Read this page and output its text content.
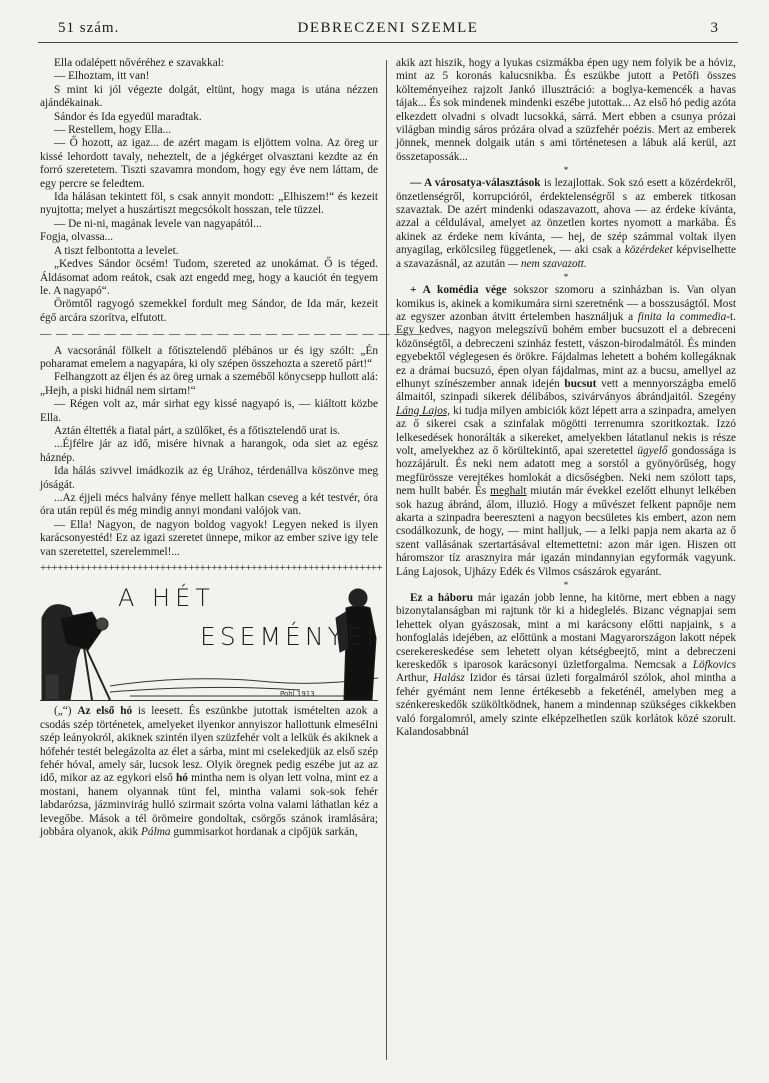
51 szám.	DEBRECZENI SZEMLE	3

Ella odalépett nővéréhez e szavakkal:

— Elhoztam, itt van!

S mint ki jól végezte dolgát, eltünt, hogy maga is utána nézzen ajándékainak.

Sándor és Ida egyedül maradtak.

— Restellem, hogy Ella...

— Ő hozott, az igaz... de azért magam is eljöttem volna. Az öreg ur kissé lehordott tavaly, neheztelt, de a jégkérget olvasztani kezdte az én forró szeretetem. Tiszti szavamra mondom, hogy egy éve nem láttam, de egy percre se feledtem.

Ida hálásan tekintett föl, s csak annyit mondott: „Elhiszem!“ és kezeit nyujtotta; melyet a huszártiszt megcsókolt hosszan, tele tüzzel.

— De ni-ni, magának levele van nagyapától...

Fogja, olvassa...

A tiszt felbontotta a levelet.

„Kedves Sándor öcsém! Tudom, szereted az unokámat. Ő is téged. Áldásomat adom reátok, csak azt engedd meg, hogy a kauciót én tegyem le. A nagyapó“.

Örömtől ragyogó szemekkel fordult meg Sándor, de Ida már, kezeit égő arcára szorítva, elfutott.

— — — — — — — — — — — — — — — — — — — — — — — —

A vacsoránál fölkelt a főtisztelendő plébános ur és igy szólt: „Én poharamat emelem a nagyapára, ki oly szépen összehozta a szerető párt!“

Felhangzott az éljen és az öreg urnak a szeméből könycsepp hullott alá: „Hejh, a piski hidnál nem sirtam!“

— Régen volt az, már sirhat egy kissé nagyapó is, — kiáltott közbe Ella.

Aztán éltették a fiatal párt, a szülőket, és a főtisztelendő urat is.

...Éjfélre jár az idő, misére hivnak a harangok, oda siet az egész háznép.

Ida hálás szivvel imádkozik az ég Urához, térdenállva köszönve meg jóságát.

...Az éjjeli mécs halvány fénye mellett halkan cseveg a két testvér, óra óra után repül és még mindig annyi mondani valójok van.

— Ella! Nagyon, de nagyon boldog vagyok! Legyen neked is ilyen karácsonyestéd! Ez az igazi szeretet ünnepe, mikor az ember szive igy tele van szeretettel, szerelemmel!...

++++++++++++++++++++++++++++++++++++++++++++++++++++++++++++

Pohl 1913
A HÉT
ESEMÉNYEI

(„“) Az első hó is leesett. És eszünkbe jutottak ismételten azok a csodás szép történetek, amelyeket ilyenkor annyiszor hallottunk elmeséIni szép leányokról, akiknek szintén ilyen szüzfehér volt a lelkük és akiknek a hófehér testét belegázolta az élet a sárba, mint mi cselekedjük az első szép fehér hóval, amely sár, lucsok lesz. Olyik öregnek pedig eszébe jut az az idő, mikor az az egykori első hó mintha nem is olyan lett volna, mint ez a mostani, hanem olyannak tünt fel, mintha valami sok-sok fehér labdarózsa, jázminvirág hulló szirmait szórta volna valami láthatlan kéz a levegőbe. Mások a tél örömeire gondoltak, csörgős szánok iramlására; jobbára olyanok, akik Pálma gummisarkot hordanak a cipőjük sarkán,

akik azt hiszik, hogy a lyukas csizmákba épen ugy nem folyik be a hóviz, mint az 5 koronás kalucsnikba. És eszükbe jutott a Petőfi összes költeményeihez rajzolt Jankó illusztráció: a boglya-kemencék a havas tájak... És sok mindenek mindenki eszébe jutottak... Az első hó pedig azóta elkezdett olvadni s olvadt lucsokká, sárrá. Mert ebben a csunya prózai világban mindig sáros prózára olvad a szüzfehér poézis. Mert az emberek jönnek, mennek dolgaik után s ami történetesen a lábuk alá kerül, azt összetapossák...

*

— A városatya-választások is lezajlottak. Sok szó esett a közérdekről, önzetlenségről, korrupcióról, érdektelenségről s az emberek titkosan szavaztak. De azért mindenki odaszavazott, ahova — az érdeke kívánta, azzal a céldulával, amelyet az önzetlen kortes nyomott a markába. És akinek az érdeke nem kívánta, — hej, de szép számmal voltak ilyen anyagilag, erkölcsileg függetlenek, — aki csak a közérdeket képviselhette a szavazásnál, az azután — nem szavazott.

*

+ A komédia vége sokszor szomoru a szinházban is. Van olyan komikus is, akinek a komikumára sirni szeretnénk — a bosszuságtól. Most az egyszer azonban átvitt értelemben használjuk a finita la commedia-t. Egy kedves, nagyon melegszívű bohém ember bucsuzott el a debreceni közönségtől, a debreczeni szinház festett, vászon-birodalmától. És minden egyebektől véglegesen és örökre. Fájdalmas lehetett a bohém kollegáknak ez a drámai bucsuzó, épen olyan fájdalmas, mint az a bucsu, amellyel az elhunyt színészember annak idején bucsut vett a mennyországba emelő álmaitól, szinpadi sikerek délibábos, szivárványos ábrándjaitól. Szegény Láng Lajos, ki tudja milyen ambiciók közt lépett arra a szinpadra, amelyen az ő sikerei csak a szinfalak mögötti terrenumra szoritkoztak. Izzó lelkesedések honorálták a sikereket, amelyekben látatlanul nekis is része volt, amelyekhez az ő körültekintő, apai szeretettel ügyelő gondossága is hozzájárult. És neki nem adatott meg a sorstól a gyönyörűség, hogy megfürössze verejtékes homlokát a dicsőségben. Neki nem szólott taps, nem hullt babér. És meghalt miután már évekkel ezelőtt elhunyt lelkében sok hazug ábránd, álom, illuzió. Hogy a művészet felkent papnője nem akarta a szinpadra beereszteni a nagyon becsületes kis embert, azon nem csodálkozunk, de hogy, — mint halljuk, — a lelki papja nem akarta az ő szent vallásának szertartásával eltemettetni: azon már igen. Hiszen ott háromszor tíz arasznyira már igazán mindannyian egyformák vagyunk. Láng Lajosok, Ujházy Edék és Vilmos császárok egyaránt.

*

Ez a háboru már igazán jobb lenne, ha kitörne, mert ebben a nagy bizonytalanságban mi rajtunk tör ki a hideglelés. Bizanc végnapjai sem lehettek olyan gyászosak, mint a mi karácsony előtti napjaink, s a honfoglalás idejében, az előttünk a mostani Magyarországon lakott népek cserekereskedése sem lehetett olyan kétségbeejtő, mint a debreczeni kereskedők s iparosok karácsonyi üzletforgalma. Nemcsak a Löfkovics Arthur, Halász Izidor és társai üzleti forgalmáról szólok, ahol mintha a fehér gyémánt nem lenne értékesebb a feketénél, amelyben meg a szénkereskedők szüköltködnek, hanem a mindennap szükséges cikkekben való forgalomról, amely szinte elképzelhetlen szük korlátok közé szorult. Kalandosabbnál
